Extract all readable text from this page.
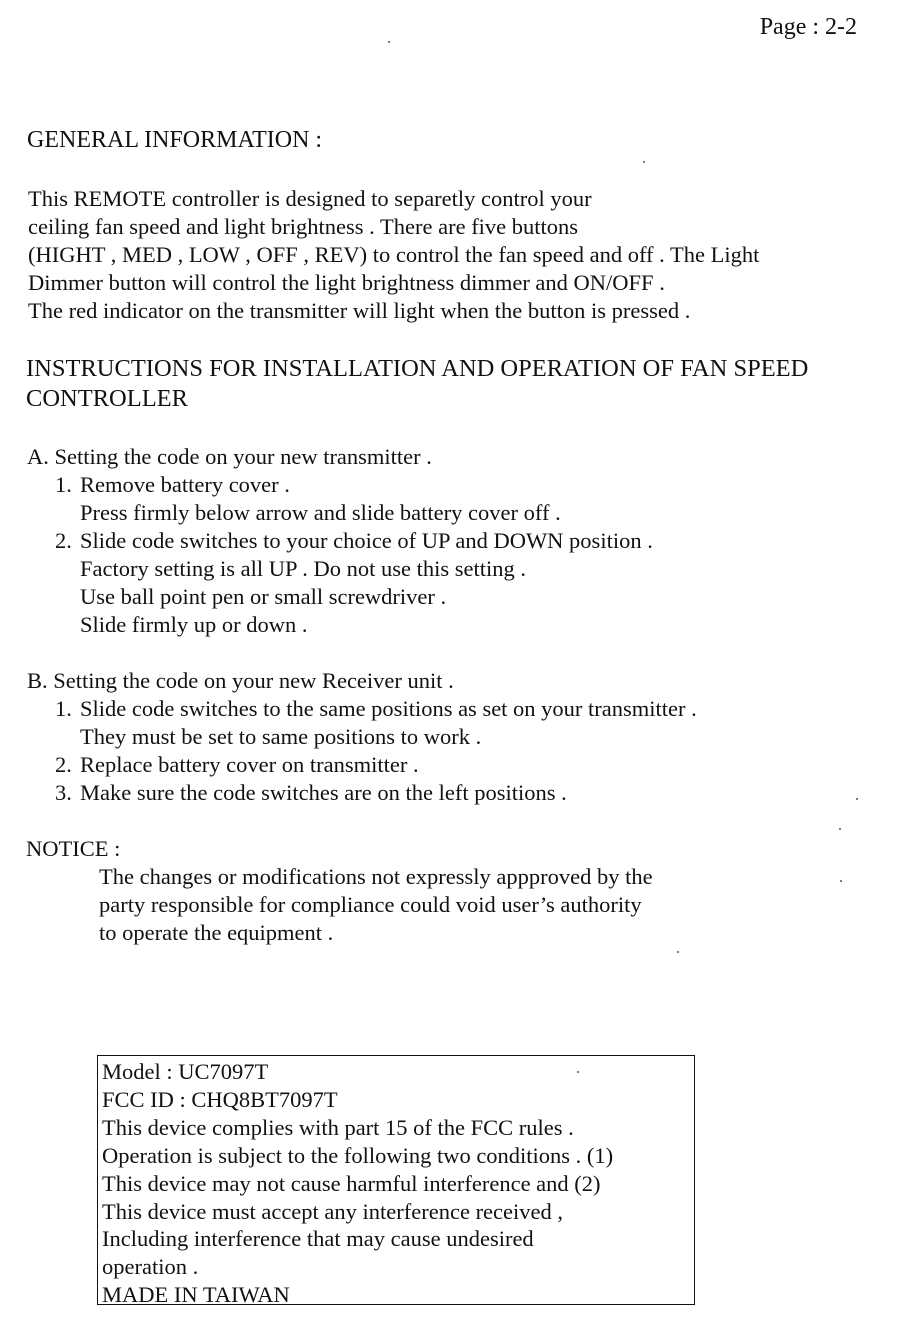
Page : 2-2
GENERAL INFORMATION :
This REMOTE controller is designed to separetly control your
ceiling fan speed and light brightness . There are five buttons
(HIGHT , MED , LOW , OFF , REV) to control the fan speed and off . The Light
Dimmer button will control the light brightness dimmer and ON/OFF .
The red indicator on the transmitter will light when the button is pressed .
INSTRUCTIONS FOR INSTALLATION AND OPERATION OF FAN SPEED
CONTROLLER
A. Setting the code on your new transmitter .
1. Remove battery cover .
Press firmly below arrow and slide battery cover off .
2. Slide code switches to your choice of UP and DOWN position .
Factory setting is all UP . Do not use this setting .
Use ball point pen or small screwdriver .
Slide firmly up or down .
B. Setting the code on your new Receiver unit .
1. Slide code switches to the same positions as set on your transmitter .
They must be set to same positions to work .
2. Replace battery cover on transmitter .
3. Make sure the code switches are on the left positions .
NOTICE :
The changes or modifications not expressly appproved by the
party responsible for compliance could void user’s authority
to operate the equipment .
Model : UC7097T
FCC ID : CHQ8BT7097T
This device complies with part 15 of the FCC rules .
Operation is subject to the following two conditions . (1)
This device may not cause harmful interference and (2)
This device must accept any interference received ,
Including interference that may cause undesired
operation .
MADE IN TAIWAN
